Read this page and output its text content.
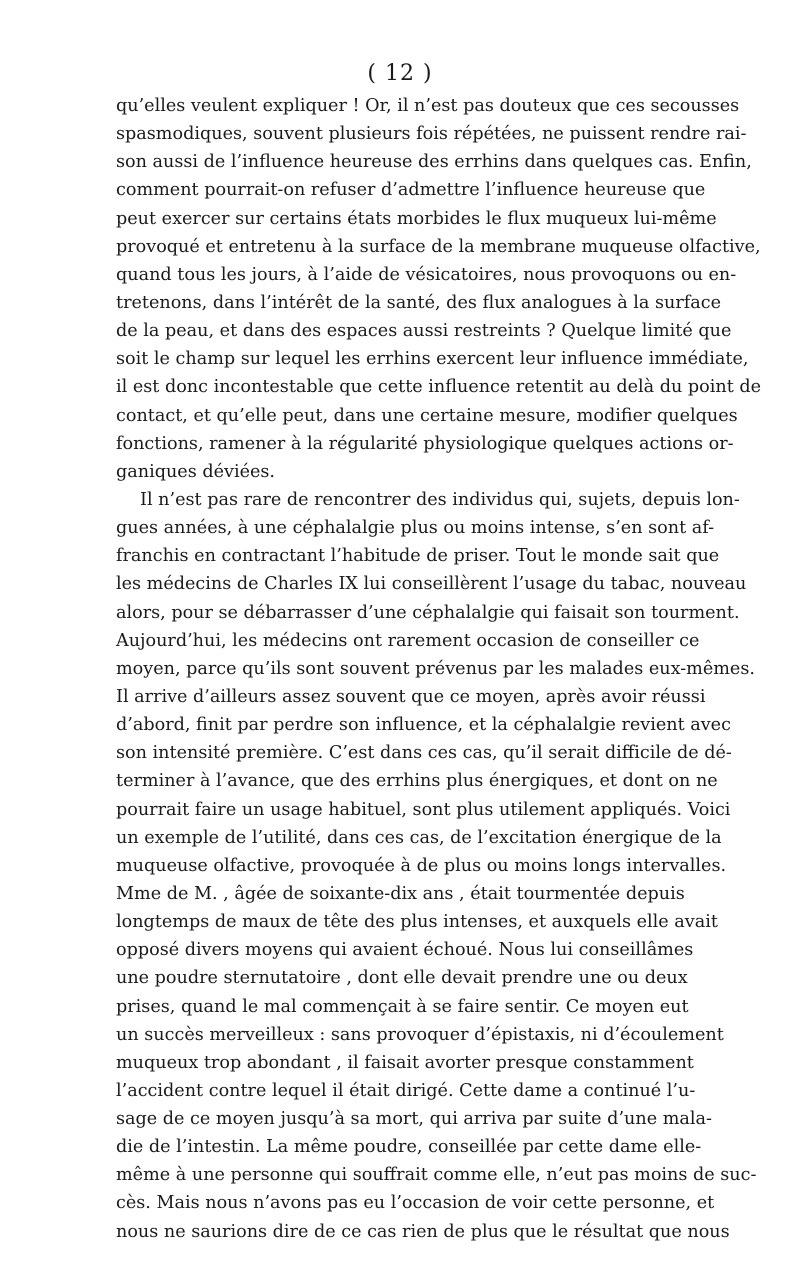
( 12 )
qu’elles veulent expliquer ! Or, il n’est pas douteux que ces secousses
spasmodiques, souvent plusieurs fois répétées, ne puissent rendre rai-
son aussi de l’influence heureuse des errhins dans quelques cas. Enfin,
comment pourrait-on refuser d’admettre l’influence heureuse que
peut exercer sur certains états morbides le flux muqueux lui-même
provoqué et entretenu à la surface de la membrane muqueuse olfactive,
quand tous les jours, à l’aide de vésicatoires, nous provoquons ou en-
tretenons, dans l’intérêt de la santé, des flux analogues à la surface
de la peau, et dans des espaces aussi restreints ? Quelque limité que
soit le champ sur lequel les errhins exercent leur influence immédiate,
il est donc incontestable que cette influence retentit au delà du point de
contact, et qu’elle peut, dans une certaine mesure, modifier quelques
fonctions, ramener à la régularité physiologique quelques actions or-
ganiques déviées.
Il n’est pas rare de rencontrer des individus qui, sujets, depuis lon-
gues années, à une céphalalgie plus ou moins intense, s’en sont af-
franchis en contractant l’habitude de priser. Tout le monde sait que
les médecins de Charles IX lui conseillèrent l’usage du tabac, nouveau
alors, pour se débarrasser d’une céphalalgie qui faisait son tourment.
Aujourd’hui, les médecins ont rarement occasion de conseiller ce
moyen, parce qu’ils sont souvent prévenus par les malades eux-mêmes.
Il arrive d’ailleurs assez souvent que ce moyen, après avoir réussi
d’abord, finit par perdre son influence, et la céphalalgie revient avec
son intensité première. C’est dans ces cas, qu’il serait difficile de dé-
terminer à l’avance, que des errhins plus énergiques, et dont on ne
pourrait faire un usage habituel, sont plus utilement appliqués. Voici
un exemple de l’utilité, dans ces cas, de l’excitation énergique de la
muqueuse olfactive, provoquée à de plus ou moins longs intervalles.
Mme de M. , âgée de soixante-dix ans , était tourmentée depuis
longtemps de maux de tête des plus intenses, et auxquels elle avait
opposé divers moyens qui avaient échoué. Nous lui conseillâmes
une poudre sternutatoire , dont elle devait prendre une ou deux
prises, quand le mal commençait à se faire sentir. Ce moyen eut
un succès merveilleux : sans provoquer d’épistaxis, ni d’écoulement
muqueux trop abondant , il faisait avorter presque constamment
l’accident contre lequel il était dirigé. Cette dame a continué l’u-
sage de ce moyen jusqu’à sa mort, qui arriva par suite d’une mala-
die de l’intestin. La même poudre, conseillée par cette dame elle-
même à une personne qui souffrait comme elle, n’eut pas moins de suc-
cès. Mais nous n’avons pas eu l’occasion de voir cette personne, et
nous ne saurions dire de ce cas rien de plus que le résultat que nous
